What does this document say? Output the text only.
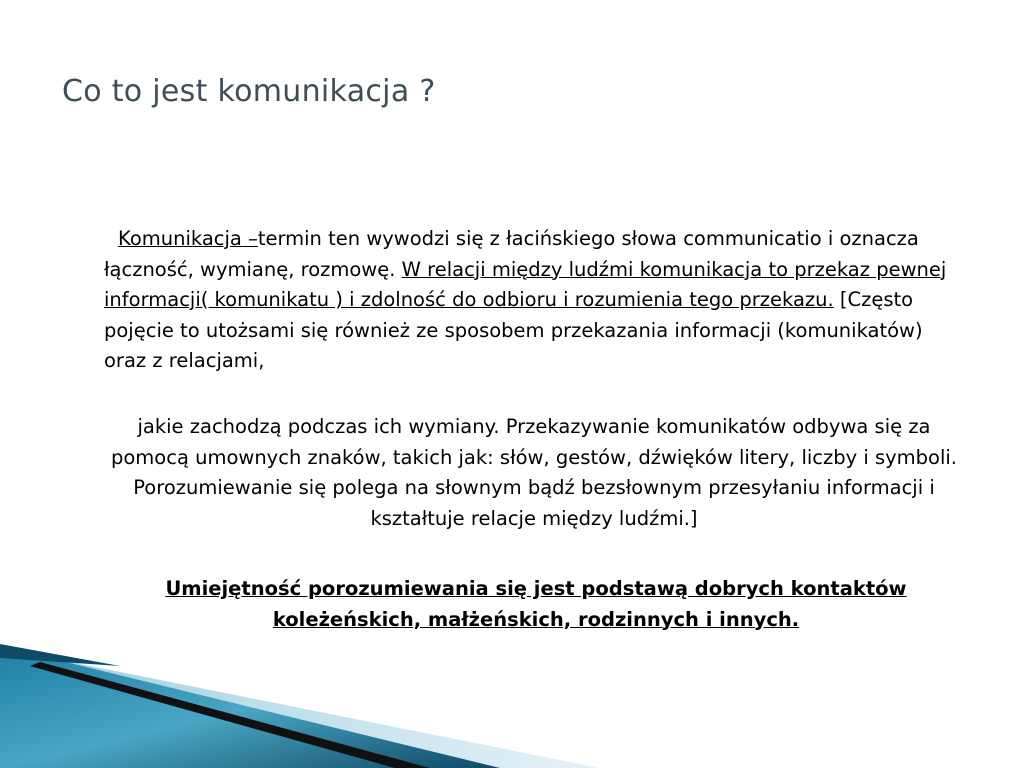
Co to jest komunikacja ?
Komunikacja –termin ten wywodzi się z łacińskiego słowa communicatio i oznacza łączność, wymianę, rozmowę. W relacji między ludźmi komunikacja to przekaz pewnej informacji( komunikatu ) i zdolność do odbioru i rozumienia tego przekazu. [Często pojęcie to utożsami się również ze sposobem przekazania informacji (komunikatów) oraz z relacjami,
jakie zachodzą podczas ich wymiany. Przekazywanie komunikatów odbywa się za pomocą umownych znaków, takich jak: słów, gestów, dźwięków litery, liczby i symboli. Porozumiewanie się polega na słownym bądź bezsłownym przesyłaniu informacji i kształtuje relacje między ludźmi.]
Umiejętność porozumiewania się jest podstawą dobrych kontaktów koleżeńskich, małżeńskich, rodzinnych i innych.
